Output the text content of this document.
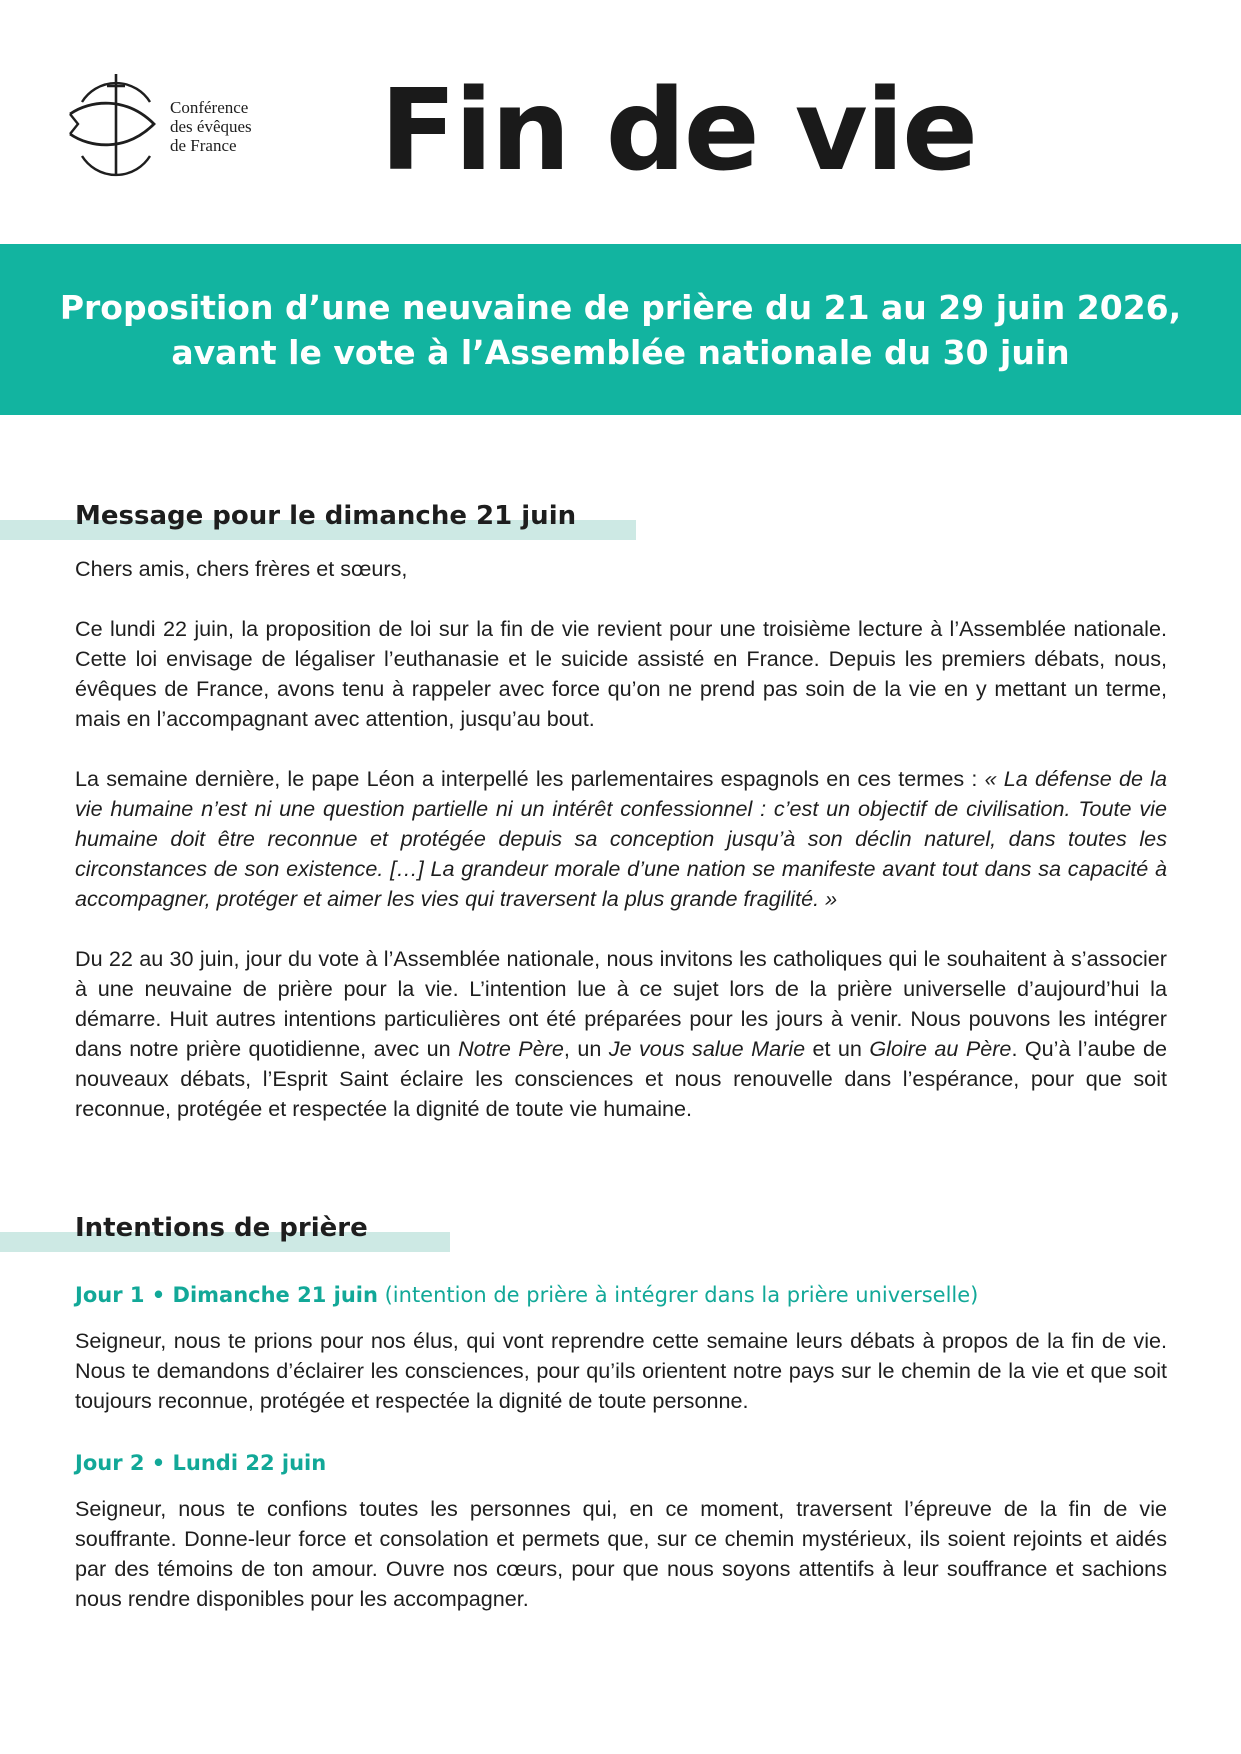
Conférence
des évêques
de France Fin de vie
Proposition d’une neuvaine de prière du 21 au 29 juin 2026,
avant le vote à l’Assemblée nationale du 30 juin
Message pour le dimanche 21 juin

Chers amis, chers frères et sœurs,

Ce lundi 22 juin, la proposition de loi sur la fin de vie revient pour une troisième lecture à l’Assemblée nationale. Cette loi envisage de légaliser l’euthanasie et le suicide assisté en France. Depuis les premiers débats, nous, évêques de France, avons tenu à rappeler avec force qu’on ne prend pas soin de la vie en y mettant un terme, mais en l’accompagnant avec attention, jusqu’au bout.

La semaine dernière, le pape Léon a interpellé les parlementaires espagnols en ces termes : « La défense de la vie humaine n’est ni une question partielle ni un intérêt confessionnel : c’est un objectif de civilisation. Toute vie humaine doit être reconnue et protégée depuis sa conception jusqu’à son déclin naturel, dans toutes les circonstances de son existence. […] La grandeur morale d’une nation se manifeste avant tout dans sa capacité à accompagner, protéger et aimer les vies qui traversent la plus grande fragilité. »

Du 22 au 30 juin, jour du vote à l’Assemblée nationale, nous invitons les catholiques qui le souhaitent à s’associer à une neuvaine de prière pour la vie. L’intention lue à ce sujet lors de la prière universelle d’aujourd’hui la démarre. Huit autres intentions particulières ont été préparées pour les jours à venir. Nous pouvons les intégrer dans notre prière quotidienne, avec un Notre Père, un Je vous salue Marie et un Gloire au Père. Qu’à l’aube de nouveaux débats, l’Esprit Saint éclaire les consciences et nous renouvelle dans l’espérance, pour que soit reconnue, protégée et respectée la dignité de toute vie humaine.

Intentions de prière
Jour 1 • Dimanche 21 juin (intention de prière à intégrer dans la prière universelle)

Seigneur, nous te prions pour nos élus, qui vont reprendre cette semaine leurs débats à propos de la fin de vie. Nous te demandons d’éclairer les consciences, pour qu’ils orientent notre pays sur le chemin de la vie et que soit toujours reconnue, protégée et respectée la dignité de toute personne.

Jour 2 • Lundi 22 juin

Seigneur, nous te confions toutes les personnes qui, en ce moment, traversent l’épreuve de la fin de vie souffrante. Donne-leur force et consolation et permets que, sur ce chemin mystérieux, ils soient rejoints et aidés par des témoins de ton amour. Ouvre nos cœurs, pour que nous soyons attentifs à leur souffrance et sachions nous rendre disponibles pour les accompagner.
